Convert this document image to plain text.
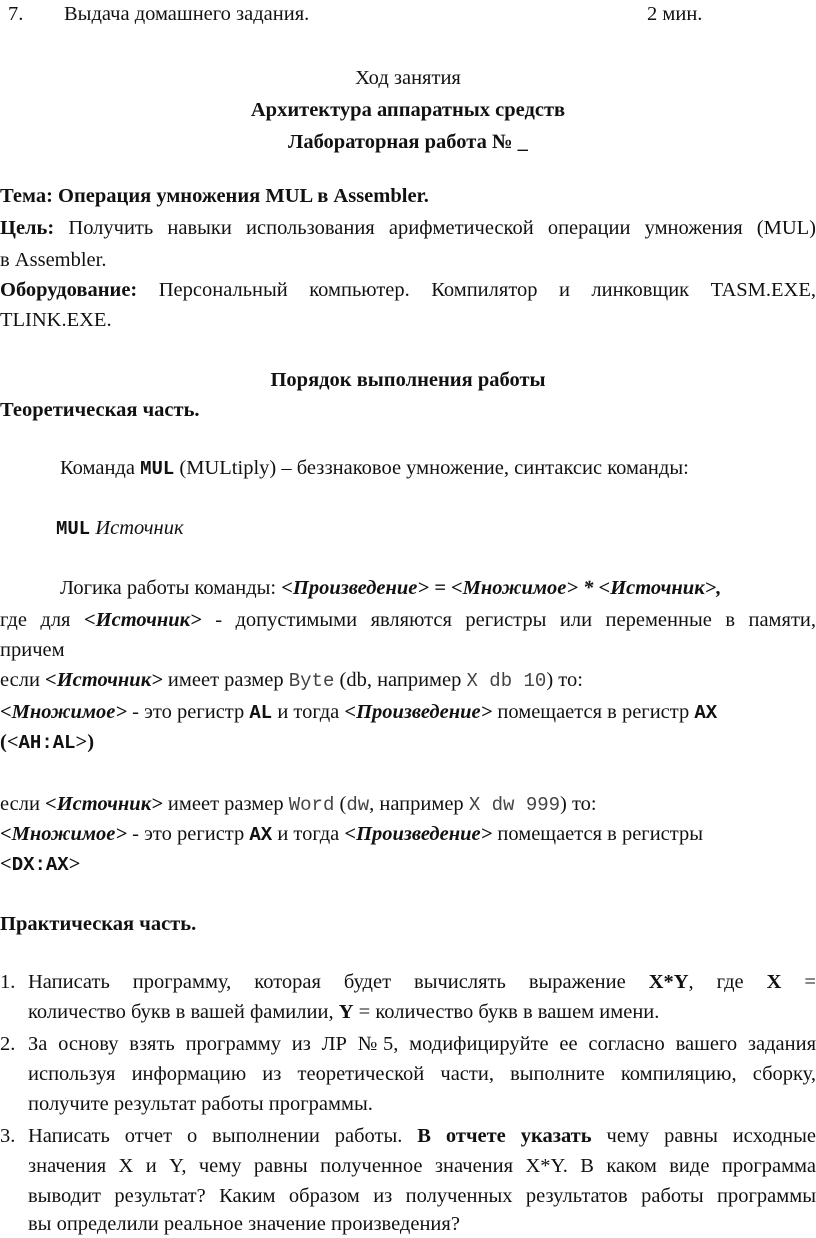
7. Выдача домашнего задания.	2 мин.
Ход занятия
Архитектура аппаратных средств
Лабораторная работа № _
Тема: Операция умножения MUL в Assembler.
Цель: Получить навыки использования арифметической операции умножения (MUL)
в Assembler.
Оборудование: Персональный компьютер. Компилятор и линковщик TASM.EXE,
TLINK.EXE.
Порядок выполнения работы
Теоретическая часть.
Команда MUL (MULtiply) – беззнаковое умножение, синтаксис команды:
MUL Источник
Логика работы команды: <Произведение> = <Множимое> * <Источник>,
где для <Источник> - допустимыми являются регистры или переменные в памяти,
причем
если <Источник> имеет размер Byte (db, например X db 10) то:
<Множимое> - это регистр AL и тогда <Произведение> помещается в регистр AX
(<AH:AL>)
если <Источник> имеет размер Word (dw, например X dw 999) то:
<Множимое> - это регистр AX и тогда <Произведение> помещается в регистры
<DX:AX>
Практическая часть.
1. Написать программу, которая будет вычислять выражение X*Y, где X =
количество букв в вашей фамилии, Y = количество букв в вашем имени.
2. За основу взять программу из ЛР №5, модифицируйте ее согласно вашего задания
используя информацию из теоретической части, выполните компиляцию, сборку,
получите результат работы программы.
3. Написать отчет о выполнении работы. В отчете указать чему равны исходные
значения X и Y, чему равны полученное значения X*Y. В каком виде программа
выводит результат? Каким образом из полученных результатов работы программы
вы определили реальное значение произведения?
